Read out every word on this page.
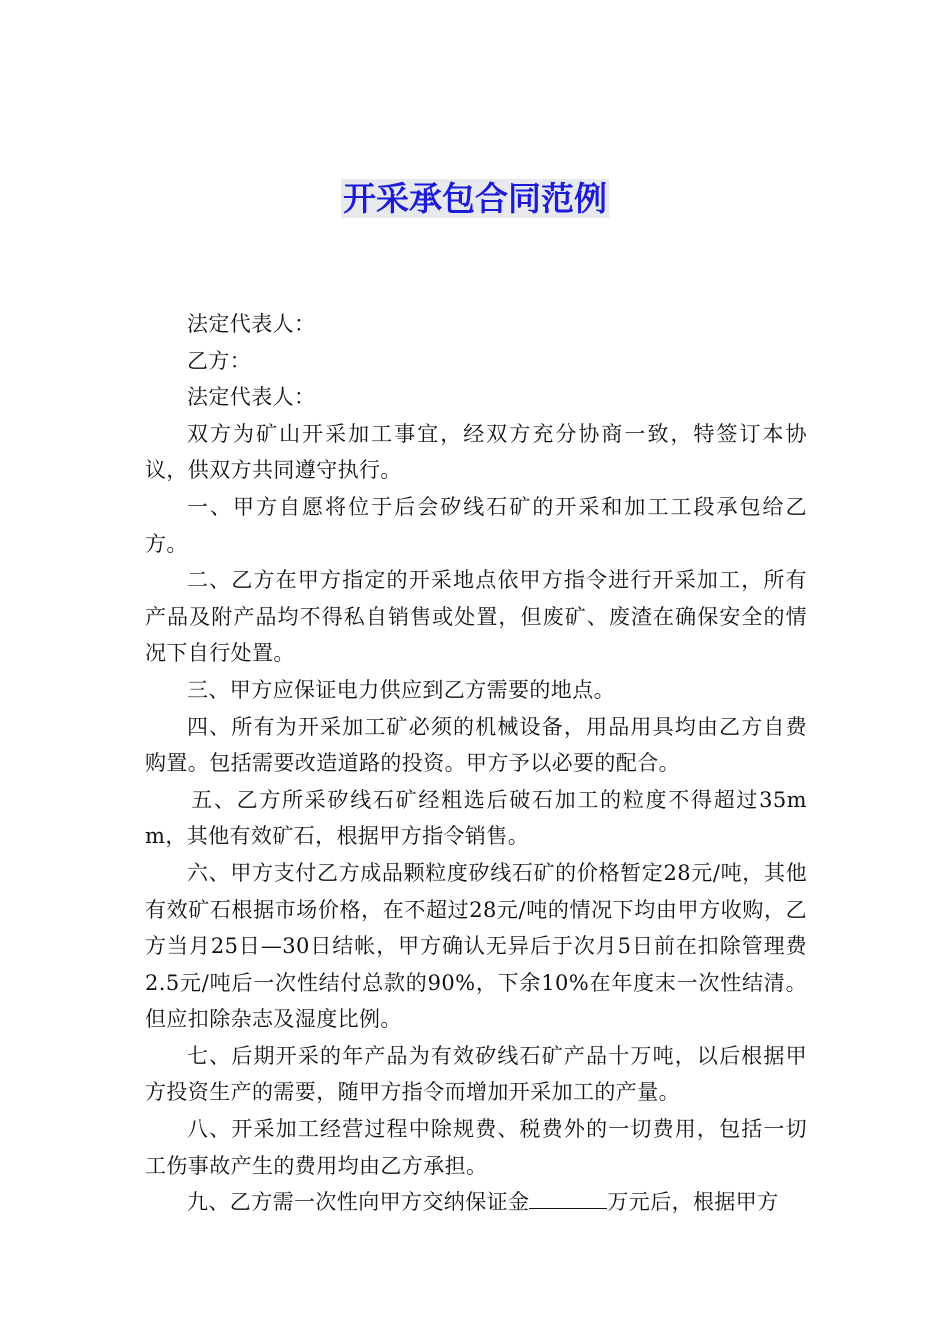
开采承包合同范例

法定代表人：

乙方：

法定代表人：

双方为矿山开采加工事宜，经双方充分协商一致，特签订本协议，供双方共同遵守执行。

一、甲方自愿将位于后会矽线石矿的开采和加工工段承包给乙方。

二、乙方在甲方指定的开采地点依甲方指令进行开采加工，所有产品及附产品均不得私自销售或处置，但废矿、废渣在确保安全的情况下自行处置。

三、甲方应保证电力供应到乙方需要的地点。

四、所有为开采加工矿必须的机械设备，用品用具均由乙方自费购置。包括需要改造道路的投资。甲方予以必要的配合。

五、乙方所采矽线石矿经粗选后破石加工的粒度不得超过35mm，其他有效矿石，根据甲方指令销售。

六、甲方支付乙方成品颗粒度矽线石矿的价格暂定28元/吨，其他有效矿石根据市场价格，在不超过28元/吨的情况下均由甲方收购，乙方当月25日—30日结帐，甲方确认无异后于次月5日前在扣除管理费2.5元/吨后一次性结付总款的90%，下余10%在年度末一次性结清。但应扣除杂志及湿度比例。

七、后期开采的年产品为有效矽线石矿产品十万吨，以后根据甲方投资生产的需要，随甲方指令而增加开采加工的产量。

八、开采加工经营过程中除规费、税费外的一切费用，包括一切工伤事故产生的费用均由乙方承担。

九、乙方需一次性向甲方交纳保证金	万元后，根据甲方
